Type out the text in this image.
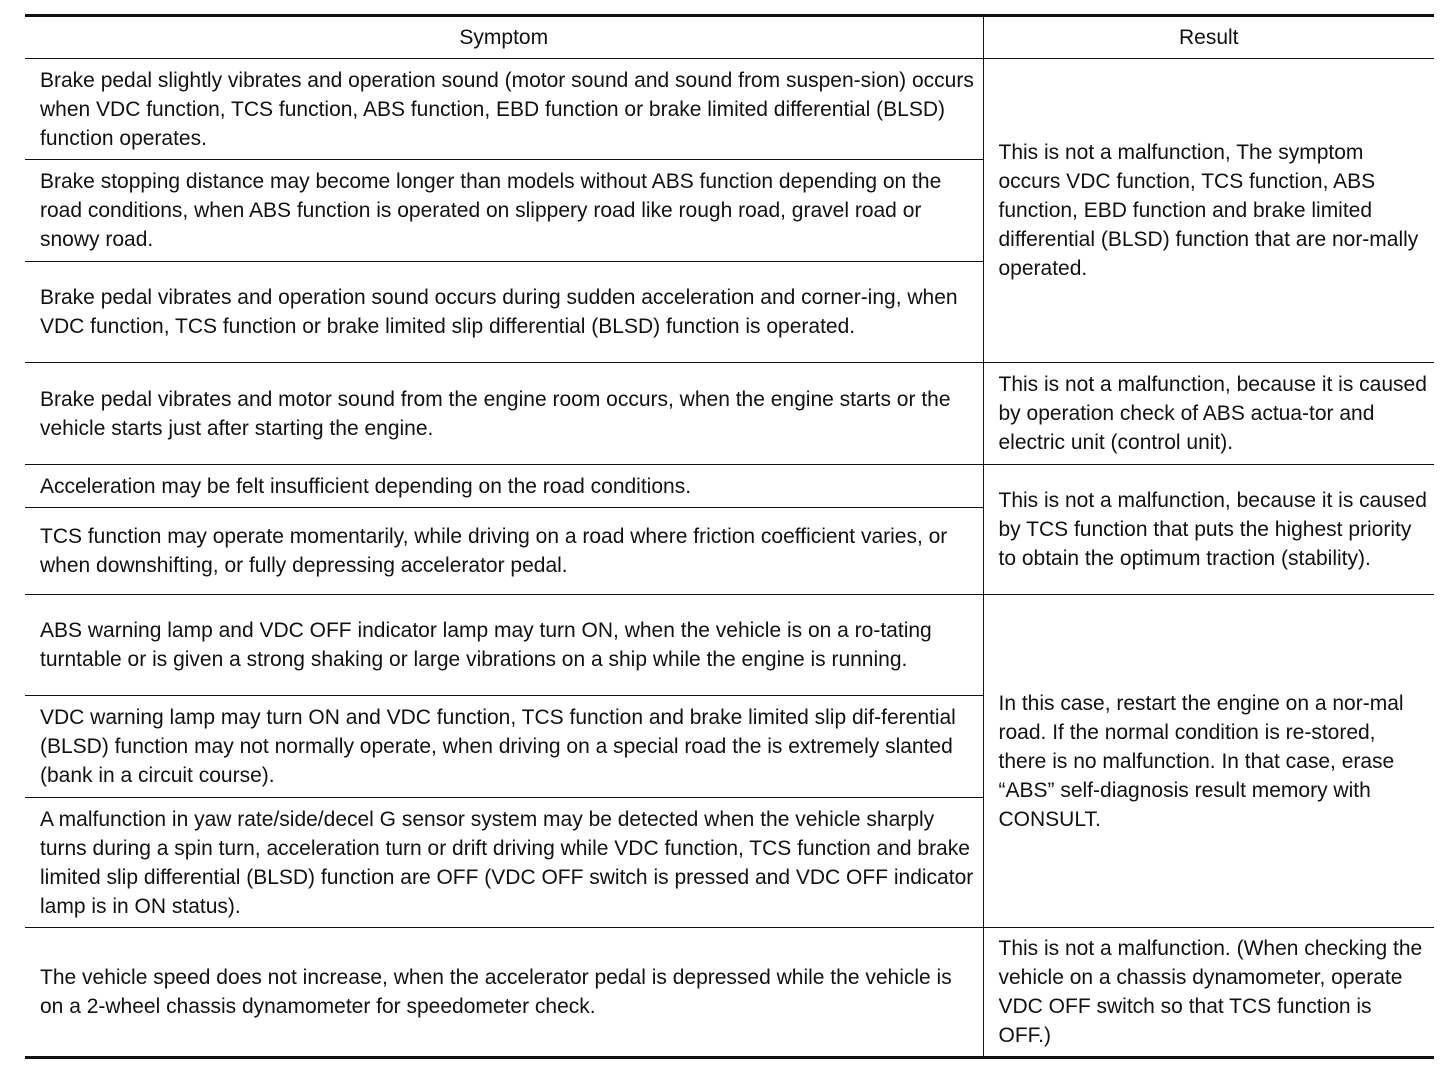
Symptom	Result
Brake pedal slightly vibrates and operation sound (motor sound and sound from suspen-sion) occurs when VDC function, TCS function, ABS function, EBD function or brake limited differential (BLSD) function operates.	This is not a malfunction, The symptom occurs VDC function, TCS function, ABS function, EBD function and brake limited differential (BLSD) function that are nor-mally operated.
Brake stopping distance may become longer than models without ABS function depending on the road conditions, when ABS function is operated on slippery road like rough road, gravel road or snowy road.	
Brake pedal vibrates and operation sound occurs during sudden acceleration and corner-ing, when VDC function, TCS function or brake limited slip differential (BLSD) function is operated.	
Brake pedal vibrates and motor sound from the engine room occurs, when the engine starts or the vehicle starts just after starting the engine.	This is not a malfunction, because it is caused by operation check of ABS actua-tor and electric unit (control unit).
Acceleration may be felt insufficient depending on the road conditions.	This is not a malfunction, because it is caused by TCS function that puts the highest priority to obtain the optimum traction (stability).
TCS function may operate momentarily, while driving on a road where friction coefficient varies, or when downshifting, or fully depressing accelerator pedal.	
ABS warning lamp and VDC OFF indicator lamp may turn ON, when the vehicle is on a ro-tating turntable or is given a strong shaking or large vibrations on a ship while the engine is running.	In this case, restart the engine on a nor-mal road. If the normal condition is re-stored, there is no malfunction. In that case, erase “ABS” self-diagnosis result memory with CONSULT.
VDC warning lamp may turn ON and VDC function, TCS function and brake limited slip dif-ferential (BLSD) function may not normally operate, when driving on a special road the is extremely slanted (bank in a circuit course).	
A malfunction in yaw rate/side/decel G sensor system may be detected when the vehicle sharply turns during a spin turn, acceleration turn or drift driving while VDC function, TCS function and brake limited slip differential (BLSD) function are OFF (VDC OFF switch is pressed and VDC OFF indicator lamp is in ON status).	
The vehicle speed does not increase, when the accelerator pedal is depressed while the vehicle is on a 2-wheel chassis dynamometer for speedometer check.	This is not a malfunction. (When checking the vehicle on a chassis dynamometer, operate VDC OFF switch so that TCS function is OFF.)
